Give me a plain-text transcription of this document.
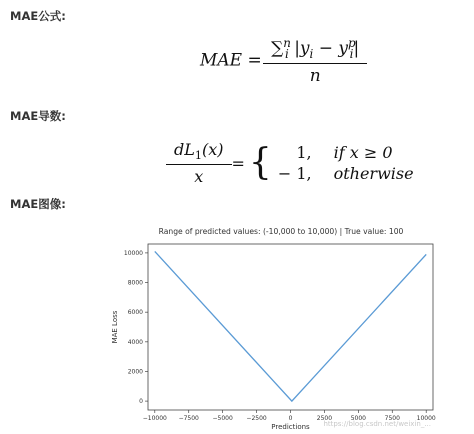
MAE公式:
MAE = $\frac{\sum^n_i |y_i - y^p_i|}{n}$
MAE导数:
$\frac{dL_1(x)}{x}$ = {	1, if x ≥ 0
− 1, otherwise
MAE图像:
Range of predicted values: (-10,000 to 10,000) | True value: 100
−10000 −7500 −5000 −2500	0	2500	5000	7500	10000
0
2000
4000
6000
8000
10000
Predictions
MAE Loss
https://blog.csdn.net/weixin_...
